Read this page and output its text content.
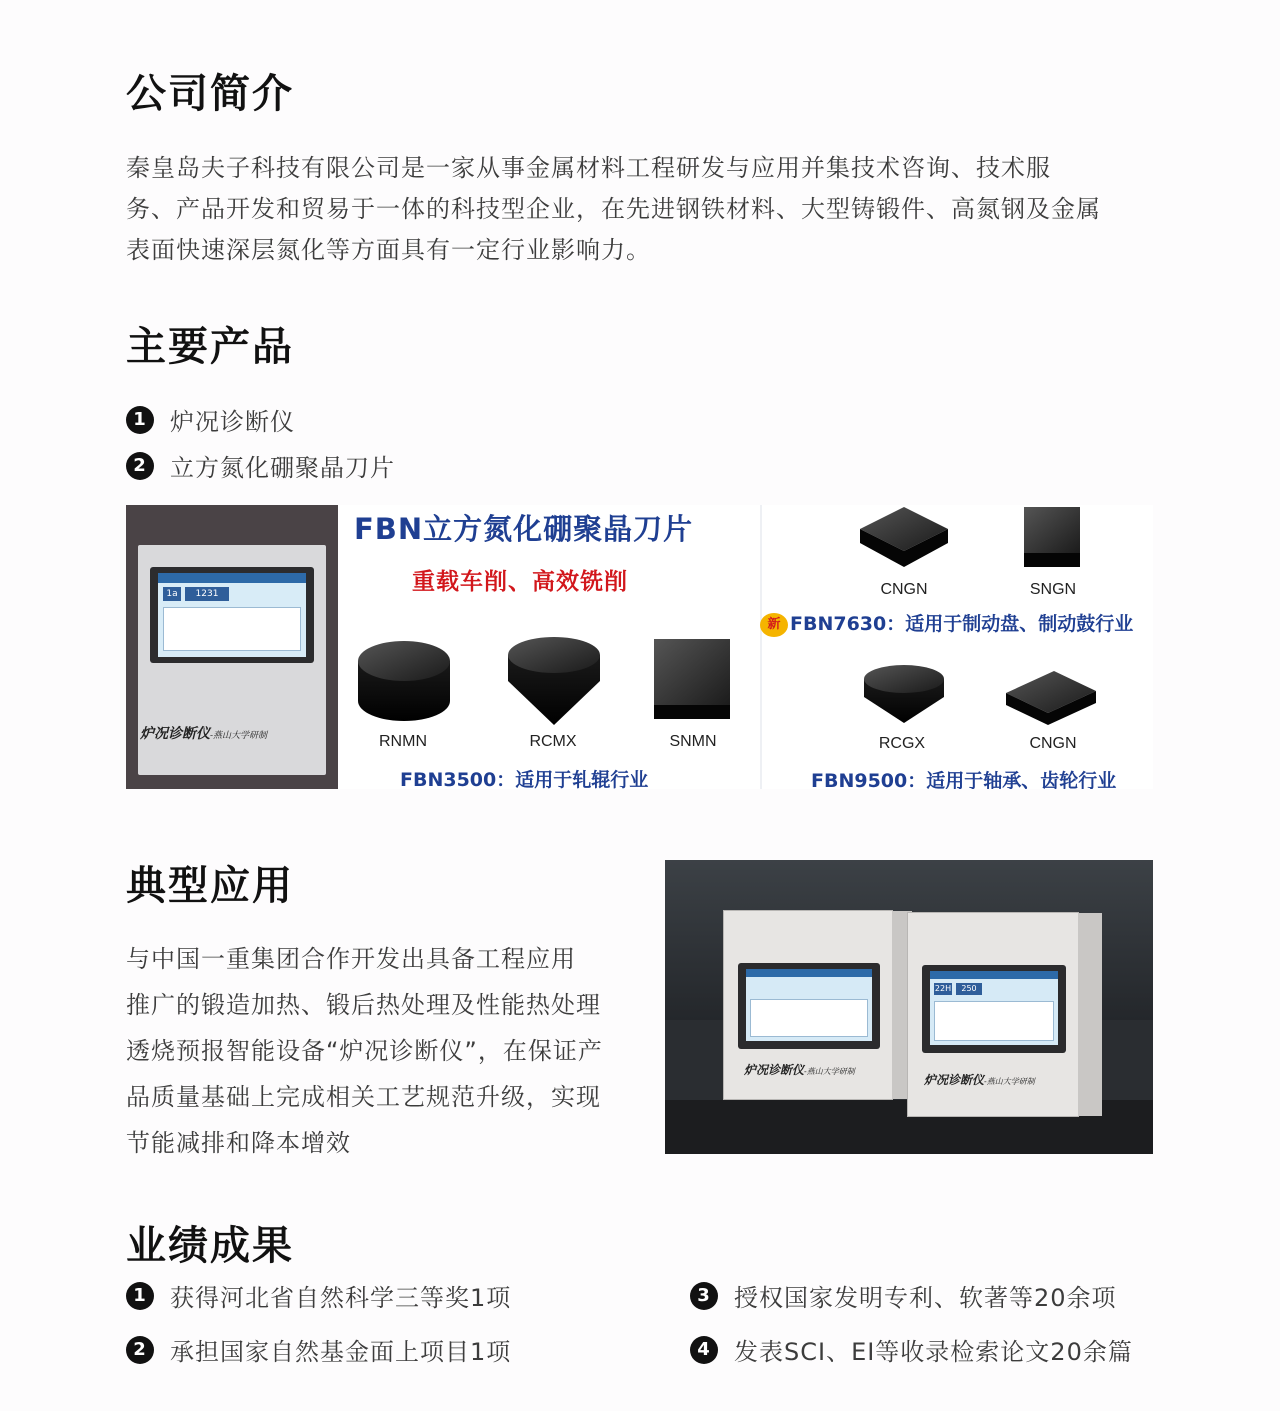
公司简介
秦皇岛夫子科技有限公司是一家从事金属材料工程研发与应用并集技术咨询、技术服
务、产品开发和贸易于一体的科技型企业，在先进钢铁材料、大型铸锻件、高氮钢及金属
表面快速深层氮化等方面具有一定行业影响力。
主要产品
1 炉况诊断仪
2 立方氮化硼聚晶刀片
1a	1231
炉况诊断仪-燕山大学研制
FBN立方氮化硼聚晶刀片
重载车削、高效铣削
RNMN	RCMX	SNMN
FBN3500：适用于轧辊行业
CNGN	SNGN
新 FBN7630：适用于制动盘、制动鼓行业
RCGX	CNGN
FBN9500：适用于轴承、齿轮行业
典型应用
与中国一重集团合作开发出具备工程应用
推广的锻造加热、锻后热处理及性能热处理
透烧预报智能设备“炉况诊断仪”，在保证产
品质量基础上完成相关工艺规范升级，实现
节能减排和降本增效
炉况诊断仪-燕山大学研制
22H	250
炉况诊断仪-燕山大学研制
业绩成果
1 获得河北省自然科学三等奖1项
2 承担国家自然基金面上项目1项
3 授权国家发明专利、软著等20余项
4 发表SCI、EI等收录检索论文20余篇
